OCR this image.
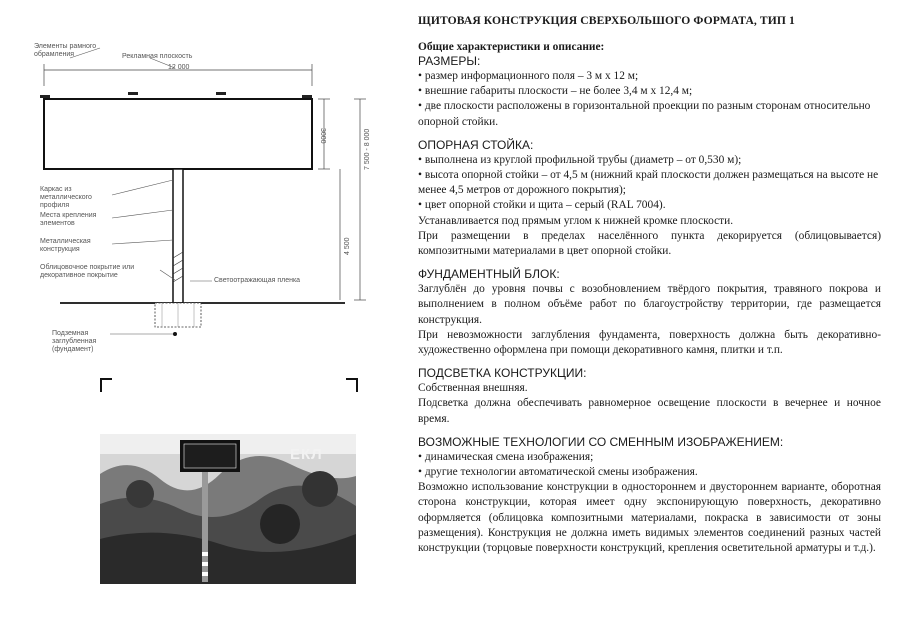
Элементы рамного обрамления	Рекламная плоскость
12 000
3000	7 500 - 8 000
4 500
Каркас из металлического профиля
Места крепления элементов
Металлическая конструкция
Облицовочное покрытие или декоративное покрытие
Светоотражающая пленка
Подземная заглубленная (фундамент)
ЕКЛ
ЩИТОВАЯ КОНСТРУКЦИЯ СВЕРХБОЛЬШОГО ФОРМАТА, ТИП 1
Общие характеристики и описание:
РАЗМЕРЫ:
• размер информационного поля – 3 м х 12 м;
• внешние габариты плоскости – не более 3,4 м х 12,4 м;
• две плоскости расположены в горизонтальной проекции по разным сторонам относительно опорной стойки.
ОПОРНАЯ СТОЙКА:
• выполнена из круглой профильной трубы (диаметр – от 0,530 м);
• высота опорной стойки – от 4,5 м (нижний край плоскости должен размещаться на высоте не менее 4,5 метров от дорожного покрытия);
• цвет опорной стойки и щита – серый (RAL 7004).

Устанавливается под прямым углом к нижней кромке плоскости.

При размещении в пределах населённого пункта декорируется (облицовывается) композитными материалами в цвет опорной стойки.

ФУНДАМЕНТНЫЙ БЛОК:

Заглублён до уровня почвы с возобновлением твёрдого покрытия, травяного покрова и выполнением в полном объёме работ по благоустройству территории, где размещается конструкция.

При невозможности заглубления фундамента, поверхность должна быть декоративно-художественно оформлена при помощи декоративного камня, плитки и т.п.

ПОДСВЕТКА КОНСТРУКЦИИ:

Собственная внешняя.

Подсветка должна обеспечивать равномерное освещение плоскости в вечернее и ночное время.

ВОЗМОЖНЫЕ ТЕХНОЛОГИИ СО СМЕННЫМ ИЗОБРАЖЕНИЕМ:
• динамическая смена изображения;
• другие технологии автоматической смены изображения.

Возможно использование конструкции в одностороннем и двустороннем варианте, оборотная сторона конструкции, которая имеет одну экспонирующую поверхность, декоративно оформляется (облицовка композитными материалами, покраска в зависимости от зоны размещения). Конструкция не должна иметь видимых элементов соединений разных частей конструкции (торцовые поверхности конструкций, крепления осветительной арматуры и т.д.).
